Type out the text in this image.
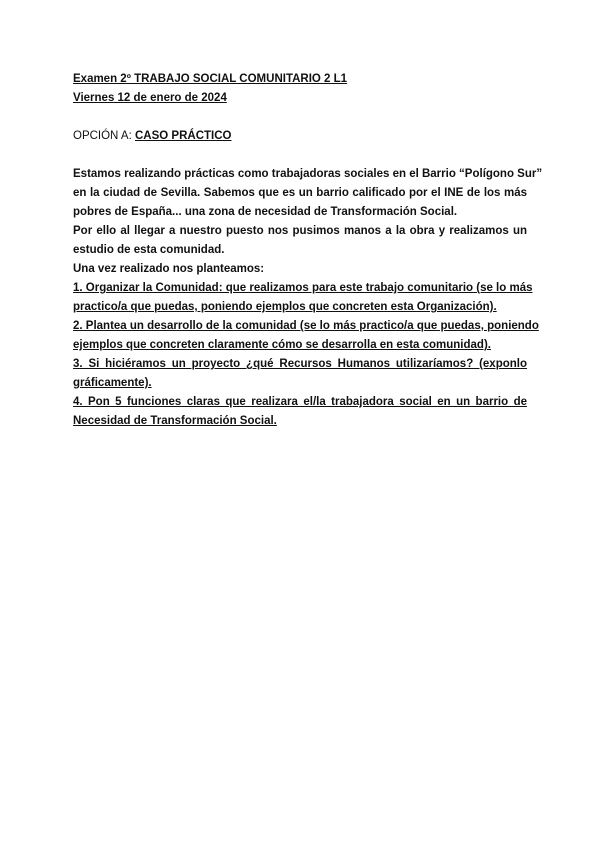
Examen 2º TRABAJO SOCIAL COMUNITARIO 2 L1
Viernes 12 de enero de 2024
OPCIÓN A: CASO PRÁCTICO
Estamos realizando prácticas como trabajadoras sociales en el Barrio “Polígono Sur”
en la ciudad de Sevilla. Sabemos que es un barrio calificado por el INE de los más
pobres de España... una zona de necesidad de Transformación Social.
Por ello al llegar a nuestro puesto nos pusimos manos a la obra y realizamos un
estudio de esta comunidad.
Una vez realizado nos planteamos:
1. Organizar la Comunidad: que realizamos para este trabajo comunitario (se lo más
practico/a que puedas, poniendo ejemplos que concreten esta Organización).
2. Plantea un desarrollo de la comunidad (se lo más practico/a que puedas, poniendo
ejemplos que concreten claramente cómo se desarrolla en esta comunidad).
3. Si hiciéramos un proyecto ¿qué Recursos Humanos utilizaríamos? (exponlo
gráficamente).
4. Pon 5 funciones claras que realizara el/la trabajadora social en un barrio de
Necesidad de Transformación Social.
